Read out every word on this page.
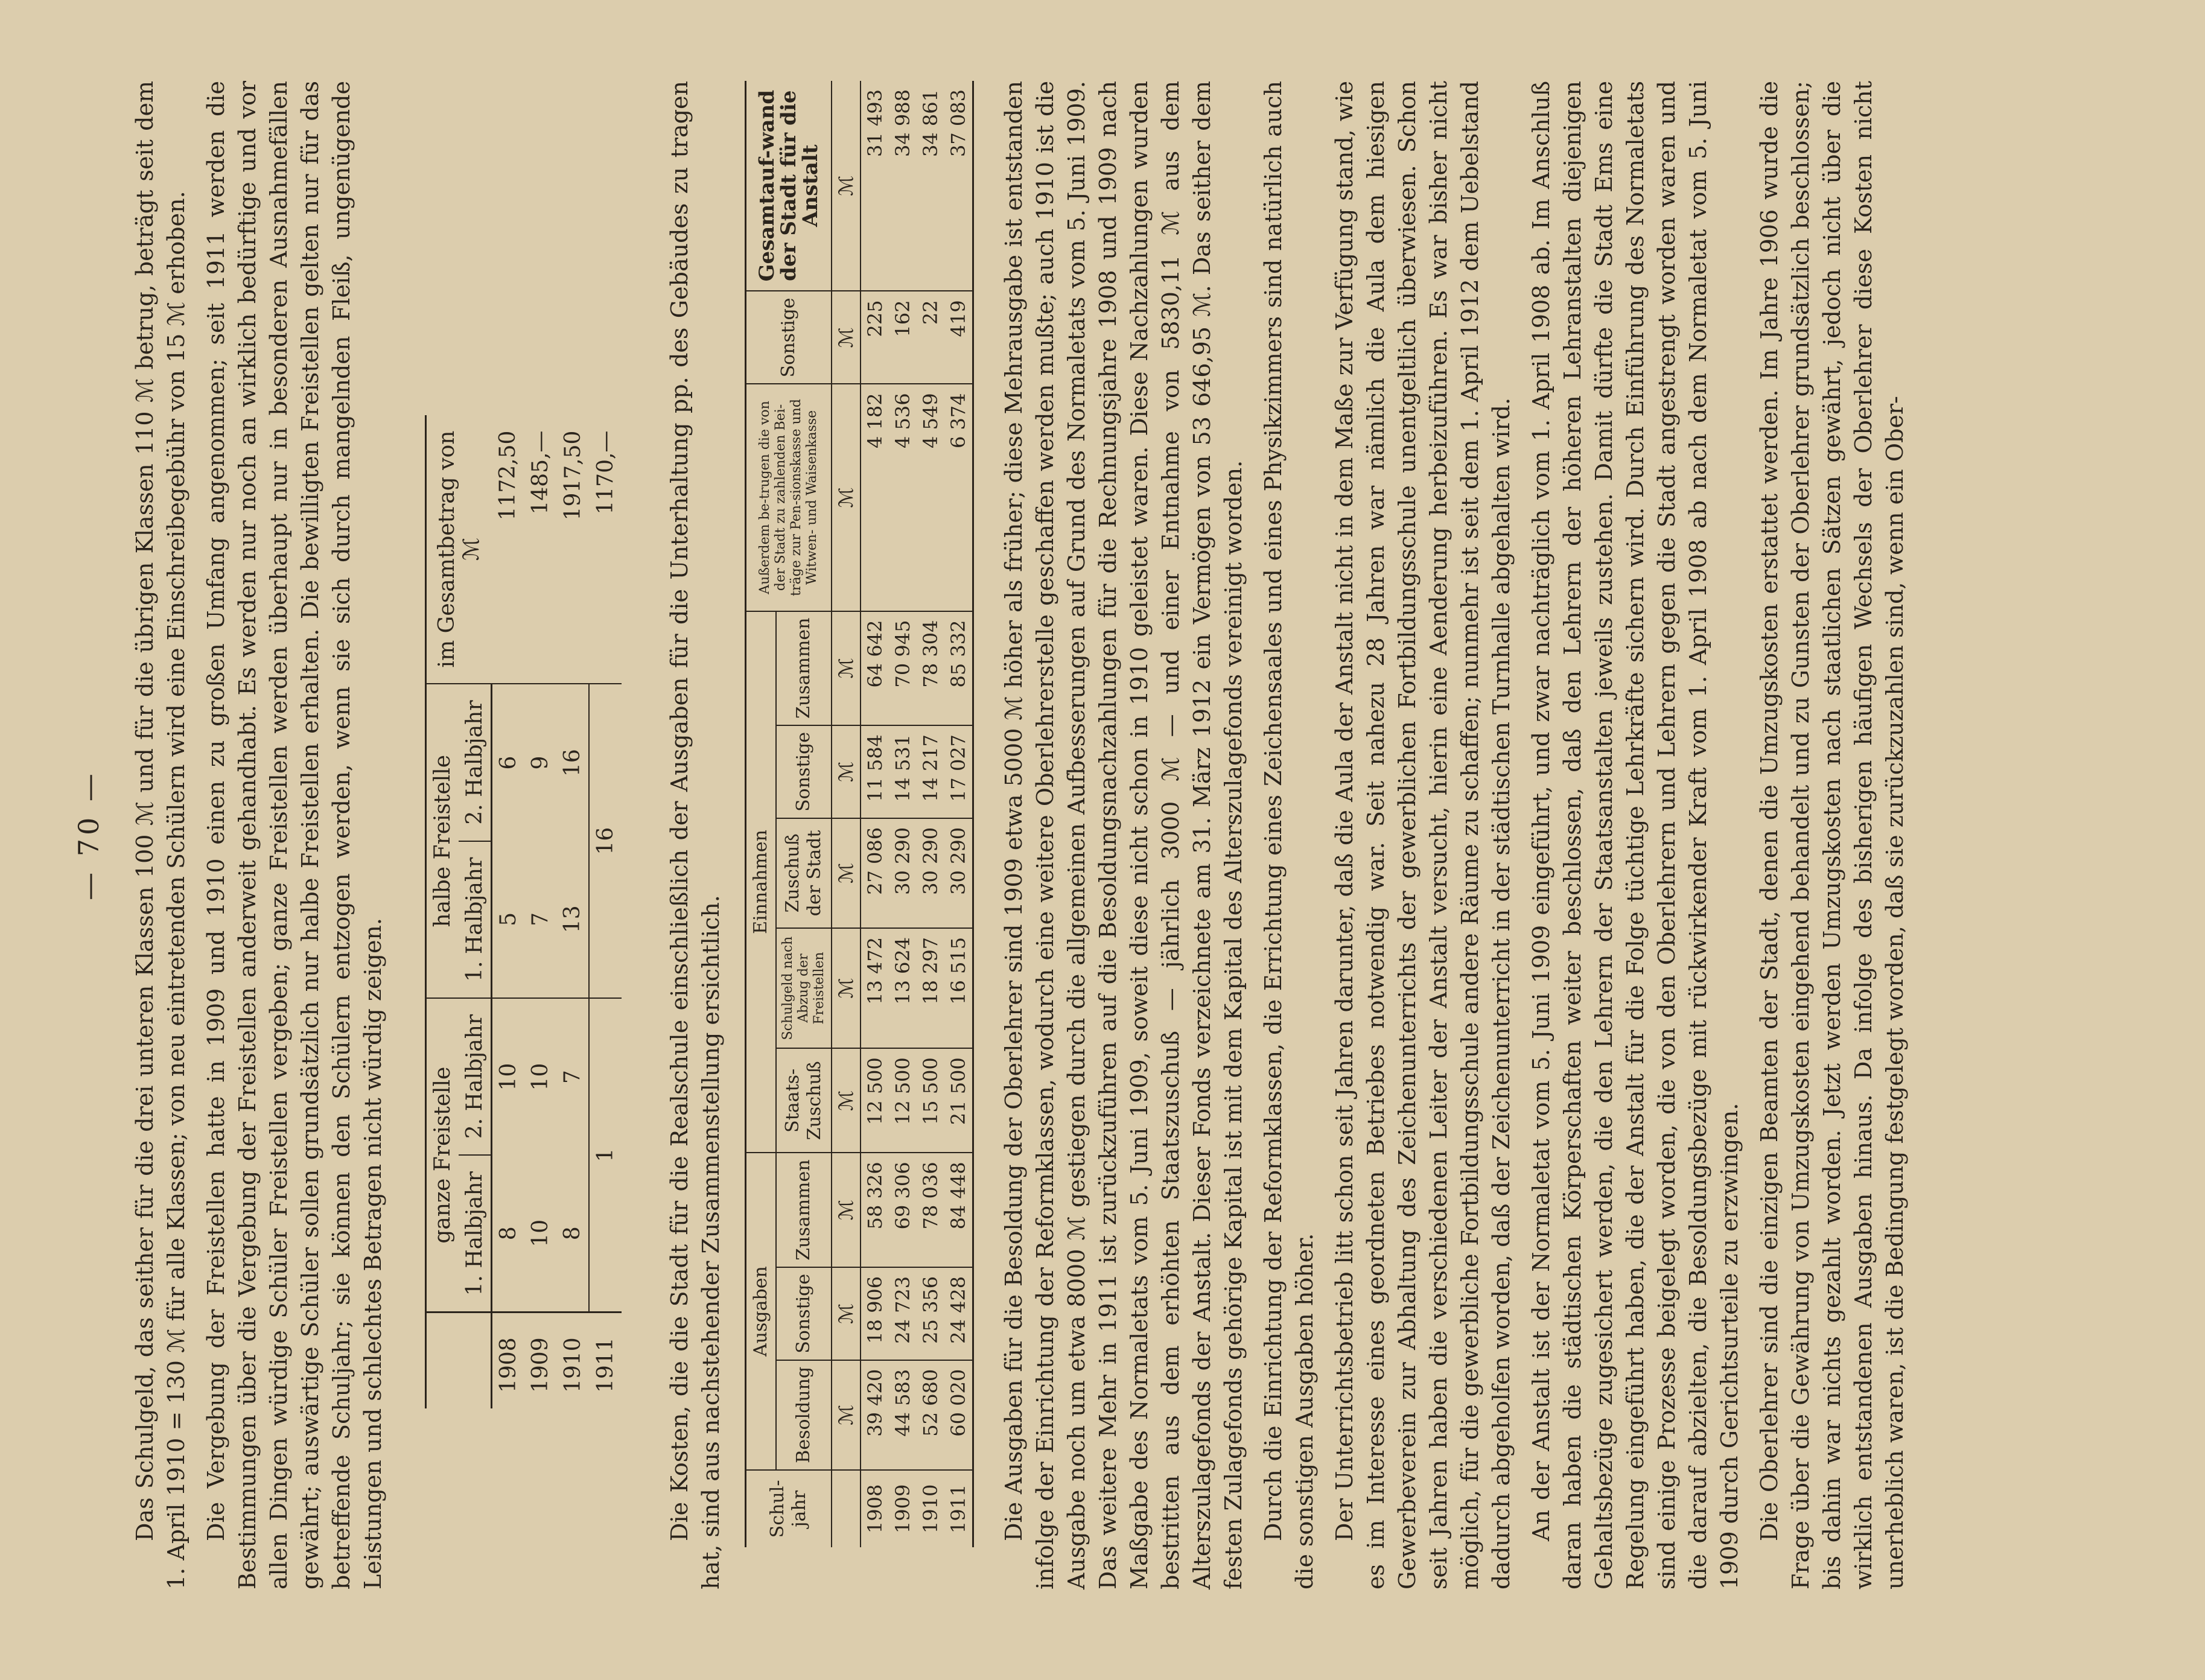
— 70 — Das Schulgeld, das seither für die drei unteren Klassen 100 ℳ und für die übrigen Klassen 110 ℳ betrug, beträgt seit dem 1. April 1910 = 130 ℳ für alle Klassen; von neu eintretenden Schülern wird eine Einschreibegebühr von 15 ℳ erhoben. Die Vergebung der Freistellen hatte in 1909 und 1910 einen zu großen Umfang angenommen; seit 1911 werden die Bestimmungen über die Vergebung der Freistellen anderweit gehandhabt. Es werden nur noch an wirklich bedürftige und vor allen Dingen würdige Schüler Freistellen vergeben; ganze Freistellen werden überhaupt nur in besonderen Ausnahmefällen gewährt; auswärtige Schüler sollen grundsätzlich nur halbe Freistellen erhalten. Die bewilligten Freistellen gelten nur für das betreffende Schuljahr; sie können den Schülern entzogen werden, wenn sie sich durch mangelnden Fleiß, ungenügende Leistungen und schlechtes Betragen nicht würdig zeigen.

	ganze Freistelle		halbe Freistelle		im Gesamtbetrag von
ℳ
	1. Halbjahr	2. Halbjahr	1. Halbjahr	2. Halbjahr	
1908	8	10	5	6	1172,50
1909	10	10	7	9	1485,—
1910	8	7	13	16	1917,50
1911	1		16		1170,— Die Kosten, die die Stadt für die Realschule einschließlich der Ausgaben für die Unterhaltung pp. des Gebäudes zu tragen hat, sind aus nachstehender Zusammenstellung ersichtlich. Schul-jahr	Ausgaben			Einnahmen					Außerdem be-trugen die von der Stadt zu zahlenden Bei-träge zur Pen-sionskasse und Witwen- und Waisenkasse	Sonstige	Gesamtauf-wand der Stadt für die Anstalt
	Besoldung	Sonstige	Zusammen	Staats-Zuschuß	Schulgeld nach Abzug der Freistellen	Zuschuß der Stadt	Sonstige	Zusammen			
	ℳ	ℳ	ℳ	ℳ	ℳ	ℳ	ℳ	ℳ	ℳ	ℳ	ℳ
1908	39 420	18 906	58 326	12 500	13 472	27 086	11 584	64 642	4 182	225	31 493
1909	44 583	24 723	69 306	12 500	13 624	30 290	14 531	70 945	4 536	162	34 988
1910	52 680	25 356	78 036	15 500	18 297	30 290	14 217	78 304	4 549	22	34 861
1911	60 020	24 428	84 448	21 500	16 515	30 290	17 027	85 332	6 374	419	37 083 Die Ausgaben für die Besoldung der Oberlehrer sind 1909 etwa 5000 ℳ höher als früher; diese Mehrausgabe ist entstanden infolge der Einrichtung der Reformklassen, wodurch eine weitere Oberlehrerstelle geschaffen werden mußte; auch 1910 ist die Ausgabe noch um etwa 8000 ℳ gestiegen durch die allgemeinen Aufbesserungen auf Grund des Normaletats vom 5. Juni 1909. Das weitere Mehr in 1911 ist zurückzuführen auf die Besoldungsnachzahlungen für die Rechnungsjahre 1908 und 1909 nach Maßgabe des Normaletats vom 5. Juni 1909, soweit diese nicht schon in 1910 geleistet waren. Diese Nachzahlungen wurden bestritten aus dem erhöhten Staatszuschuß — jährlich 3000 ℳ — und einer Entnahme von 5830,11 ℳ aus dem Alterszulagefonds der Anstalt. Dieser Fonds verzeichnete am 31. März 1912 ein Vermögen von 53 646,95 ℳ. Das seither dem festen Zulagefonds gehörige Kapital ist mit dem Kapital des Alterszulagefonds vereinigt worden. Durch die Einrichtung der Reformklassen, die Errichtung eines Zeichensaales und eines Physikzimmers sind natürlich auch die sonstigen Ausgaben höher. Der Unterrichtsbetrieb litt schon seit Jahren darunter, daß die Aula der Anstalt nicht in dem Maße zur Verfügung stand, wie es im Interesse eines geordneten Betriebes notwendig war. Seit nahezu 28 Jahren war nämlich die Aula dem hiesigen Gewerbeverein zur Abhaltung des Zeichenunterrichts der gewerblichen Fortbildungsschule unentgeltlich überwiesen. Schon seit Jahren haben die verschiedenen Leiter der Anstalt versucht, hierin eine Aenderung herbeizuführen. Es war bisher nicht möglich, für die gewerbliche Fortbildungsschule andere Räume zu schaffen; nunmehr ist seit dem 1. April 1912 dem Uebelstand dadurch abgeholfen worden, daß der Zeichenunterricht in der städtischen Turnhalle abgehalten wird. An der Anstalt ist der Normaletat vom 5. Juni 1909 eingeführt, und zwar nachträglich vom 1. April 1908 ab. Im Anschluß daran haben die städtischen Körperschaften weiter beschlossen, daß den Lehrern der höheren Lehranstalten diejenigen Gehaltsbezüge zugesichert werden, die den Lehrern der Staatsanstalten jeweils zustehen. Damit dürfte die Stadt Ems eine Regelung eingeführt haben, die der Anstalt für die Folge tüchtige Lehrkräfte sichern wird. Durch Einführung des Normaletats sind einige Prozesse beigelegt worden, die von den Oberlehrern und Lehrern gegen die Stadt angestrengt worden waren und die darauf abzielten, die Besoldungsbezüge mit rückwirkender Kraft vom 1. April 1908 ab nach dem Normaletat vom 5. Juni 1909 durch Gerichtsurteile zu erzwingen. Die Oberlehrer sind die einzigen Beamten der Stadt, denen die Umzugskosten erstattet werden. Im Jahre 1906 wurde die Frage über die Gewährung von Umzugskosten eingehend behandelt und zu Gunsten der Oberlehrer grundsätzlich beschlossen; bis dahin war nichts gezahlt worden. Jetzt werden Umzugskosten nach staatlichen Sätzen gewährt, jedoch nicht über die wirklich entstandenen Ausgaben hinaus. Da infolge des bisherigen häufigen Wechsels der Oberlehrer diese Kosten nicht unerheblich waren, ist die Bedingung festgelegt worden, daß sie zurückzuzahlen sind, wenn ein Ober-
